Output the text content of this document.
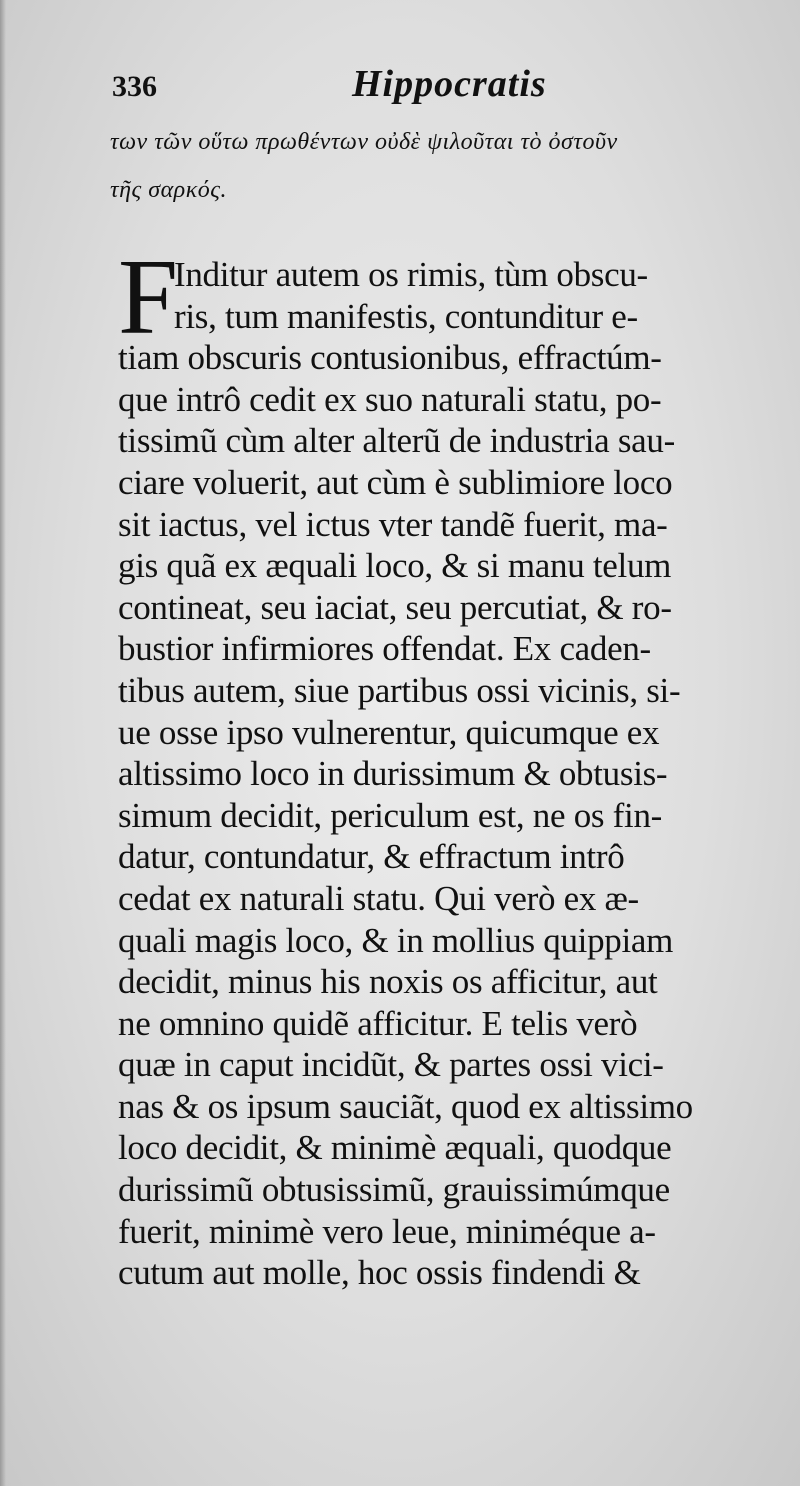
336	Hippocratis
των τῶν οὕτω πρωθέντων οὐδὲ ψιλοῦται τὸ ὀστοῦν
τῆς σαρκός.
F
Inditur autem os rimis, tùm obscu-
ris, tum manifestis, contunditur e-
tiam obscuris contusionibus, effractúm-
que intrô cedit ex suo naturali statu, po-
tissimũ cùm alter alterũ de industria sau-
ciare voluerit, aut cùm è sublimiore loco
sit iactus, vel ictus vter tandẽ fuerit, ma-
gis quã ex æquali loco, & si manu telum
contineat, seu iaciat, seu percutiat, & ro-
bustior infirmiores offendat. Ex caden-
tibus autem, siue partibus ossi vicinis, si-
ue osse ipso vulnerentur, quicumque ex
altissimo loco in durissimum & obtusis-
simum decidit, periculum est, ne os fin-
datur, contundatur, & effractum intrô
cedat ex naturali statu. Qui verò ex æ-
quali magis loco, & in mollius quippiam
decidit, minus his noxis os afficitur, aut
ne omnino quidẽ afficitur. E telis verò
quæ in caput incidũt, & partes ossi vici-
nas & os ipsum sauciãt, quod ex altissimo
loco decidit, & minimè æquali, quodque
durissimũ obtusissimũ, grauissimúmque
fuerit, minimè vero leue, miniméque a-
cutum aut molle, hoc ossis findendi &
